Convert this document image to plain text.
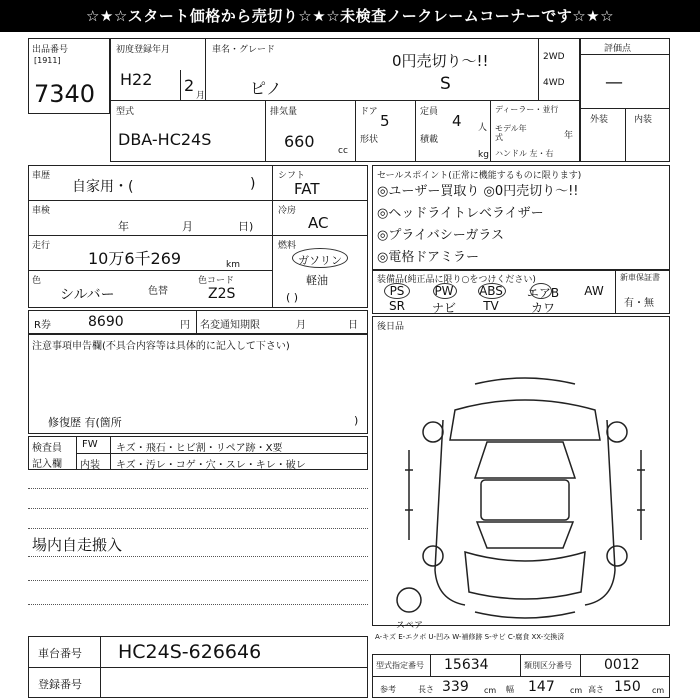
☆★☆スタート価格から売切り☆★☆未検査ノークレームコーナーです☆★☆
出品番号
[1911]
7340
初度登録年月
H22 2
月
車名・グレード
0円売切り～!!
ピノ	S
2WD
4WD
評価点
—
外装	内装
型式
DBA-HC24S
排気量
660	cc
ドア 5
形状
定員 4 人
積載
kg
ディーラー・並行
モデル年式	年
ハンドル 左・右
車歴
自家用・(	)	シフト
FAT
車検
年	月	日)
冷房
AC
走行
10万6千269	km
燃料
ガソリン
軽油
( )
色
シルバー	色替
色コード
Z2S
セールスポイント(正常に機能するものに限ります)
◎ユーザー買取り ◎0円売切り～!!
◎ヘッドライトレベライザー
◎プライバシーガラス
◎電格ドアミラー
装備品(純正品に限り○をつけください)
PS	PW	ABS	エアB	AW
SR	ナビ	TV	カワ
新車保証書
有・無
R券	8690	円 名変通知期限	月	日
注意事項申告欄(不具合内容等は具体的に記入して下さい)
修復歴 有(箇所	)
後日品
スペア
検査員
記入欄
FW キズ・飛石・ヒビ割・リペア跡・X要
内装 キズ・汚レ・コゲ・穴・スレ・キレ・破レ
場内自走搬入
A-キズ E-エクボ U-凹み W-補修跡 S-サビ C-腐食 XX-交換済
車台番号 HC24S-626646
登録番号
型式指定番号 15634	類別区分番号 0012
参考	長さ 339 cm 幅 147 cm 高さ 150 cm
